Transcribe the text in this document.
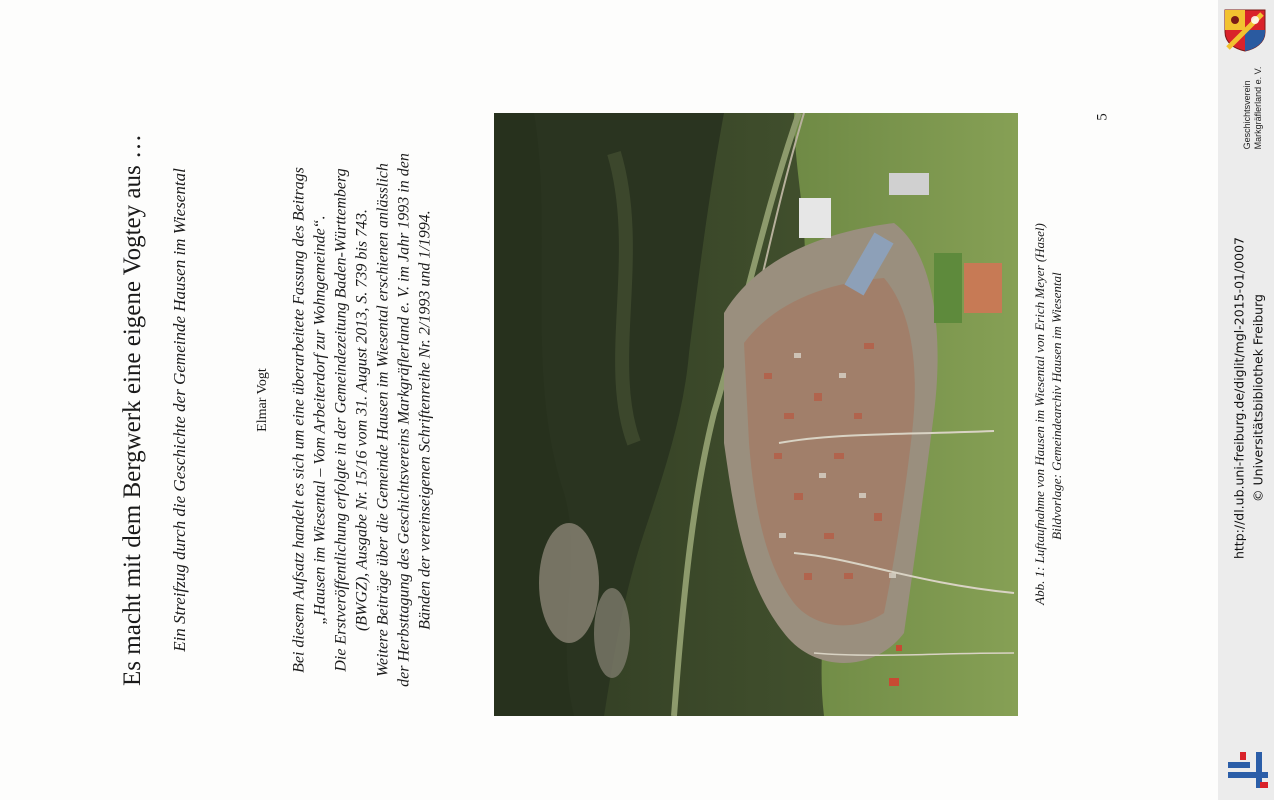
Es macht mit dem Bergwerk eine eigene Vogtey aus … Ein Streifzug durch die Geschichte der Gemeinde Hausen im Wiesental	Elmar Vogt Bei diesem Aufsatz handelt es sich um eine überarbeitete Fassung des Beitrags „Hausen im Wiesental – Vom Arbeiterdorf zur Wohngemeinde“. Die Erstveröffentlichung erfolgte in der Gemeindezeitung Baden-Württemberg (BWGZ), Ausgabe Nr. 15/16 vom 31. August 2013, S. 739 bis 743. Weitere Beiträge über die Gemeinde Hausen im Wiesental erschienen anlässlich der Herbsttagung des Geschichtsvereins Markgräflerland e. V. im Jahr 1993 in den Bänden der vereinseigenen Schriftenreihe Nr. 2/1993 und 1/1994.	Abb. 1: Luftaufnahme von Hausen im Wiesental von Erich Meyer (Hasel) Bildvorlage: Gemeindearchiv Hausen im Wiesental
5	Geschichtsverein Markgräflerland e. V.
http://dl.ub.uni-freiburg.de/diglit/mgl-2015-01/0007 © Universitätsbibliothek Freiburg
